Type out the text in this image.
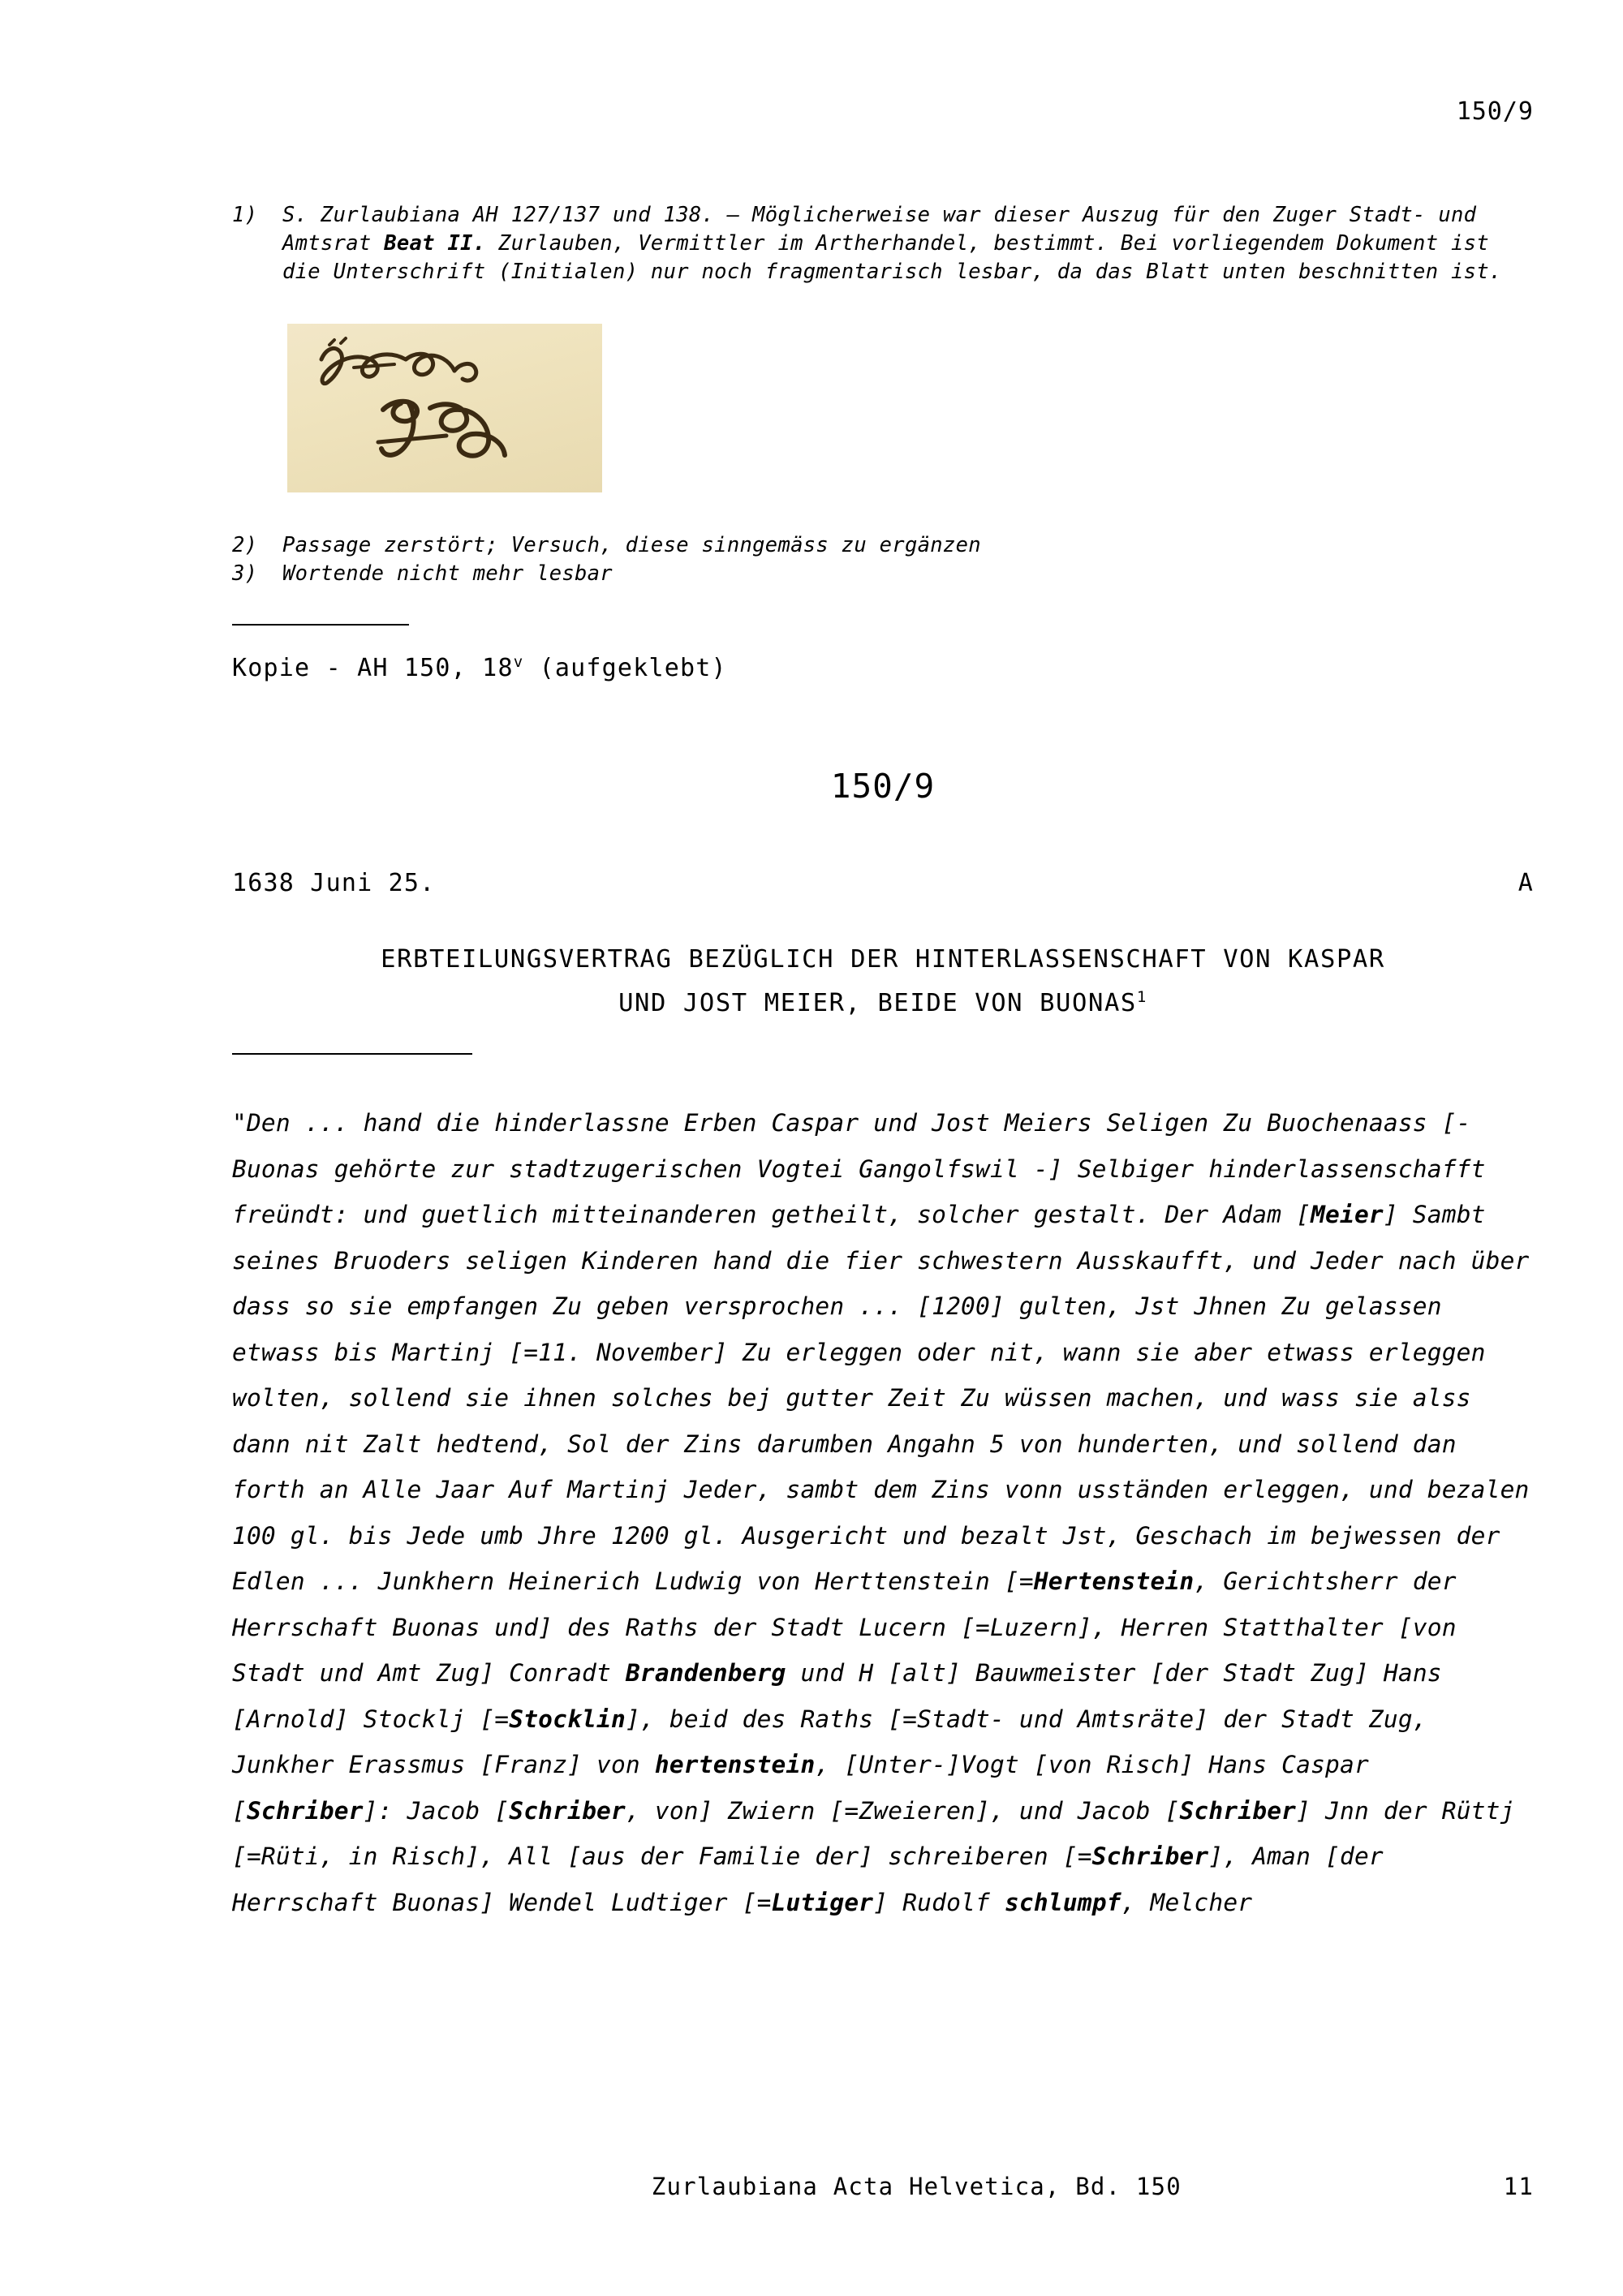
150/9
1)	S. Zurlaubiana AH 127/137 und 138. – Möglicherweise war dieser Auszug für den Zuger Stadt- und Amtsrat Beat II. Zurlauben, Vermittler im Artherhandel, bestimmt. Bei vorliegendem Dokument ist die Unterschrift (Initialen) nur noch fragmentarisch lesbar, da das Blatt unten beschnitten ist.
2)	Passage zerstört; Versuch, diese sinngemäss zu ergänzen
3)	Wortende nicht mehr lesbar
Kopie - AH 150, 18$^v$ (aufgeklebt)
150/9
1638 Juni 25.	A
ERBTEILUNGSVERTRAG BEZÜGLICH DER HINTERLASSENSCHAFT VON KASPAR
UND JOST MEIER, BEIDE VON BUONAS$^1$
"Den ... hand die hinderlassne Erben Caspar und Jost Meiers Seligen Zu Buochenaass [- Buonas gehörte zur stadtzugerischen Vogtei Gangolfswil -] Selbiger hinderlassenschafft freündt: und guetlich mitteinanderen getheilt, solcher gestalt. Der Adam [Meier] Sambt seines Bruoders seligen Kinderen hand die fier schwestern Ausskaufft, und Jeder nach über dass so sie empfangen Zu geben versprochen ... [1200] gulten, Jst Jhnen Zu gelassen etwass bis Martinj [=11. November] Zu erleggen oder nit, wann sie aber etwass erleggen wolten, sollend sie ihnen solches bej gutter Zeit Zu wüssen machen, und wass sie alss dann nit Zalt hedtend, Sol der Zins darumben Angahn 5 von hunderten, und sollend dan forth an Alle Jaar Auf Martinj Jeder, sambt dem Zins vonn usständen erleggen, und bezalen 100 gl. bis Jede umb Jhre 1200 gl. Ausgericht und bezalt Jst, Geschach im bejwessen der Edlen ... Junkhern Heinerich Ludwig von Herttenstein [=Hertenstein, Gerichtsherr der Herrschaft Buonas und] des Raths der Stadt Lucern [=Luzern], Herren Statthalter [von Stadt und Amt Zug] Conradt Brandenberg und H [alt] Bauwmeister [der Stadt Zug] Hans [Arnold] Stocklj [=Stocklin], beid des Raths [=Stadt- und Amtsräte] der Stadt Zug, Junkher Erassmus [Franz] von hertenstein, [Unter-]Vogt [von Risch] Hans Caspar [Schriber]: Jacob [Schriber, von] Zwiern [=Zweieren], und Jacob [Schriber] Jnn der Rüttj [=Rüti, in Risch], All [aus der Familie der] schreiberen [=Schriber], Aman [der Herrschaft Buonas] Wendel Ludtiger [=Lutiger] Rudolf schlumpf, Melcher
Zurlaubiana Acta Helvetica, Bd. 150	11
